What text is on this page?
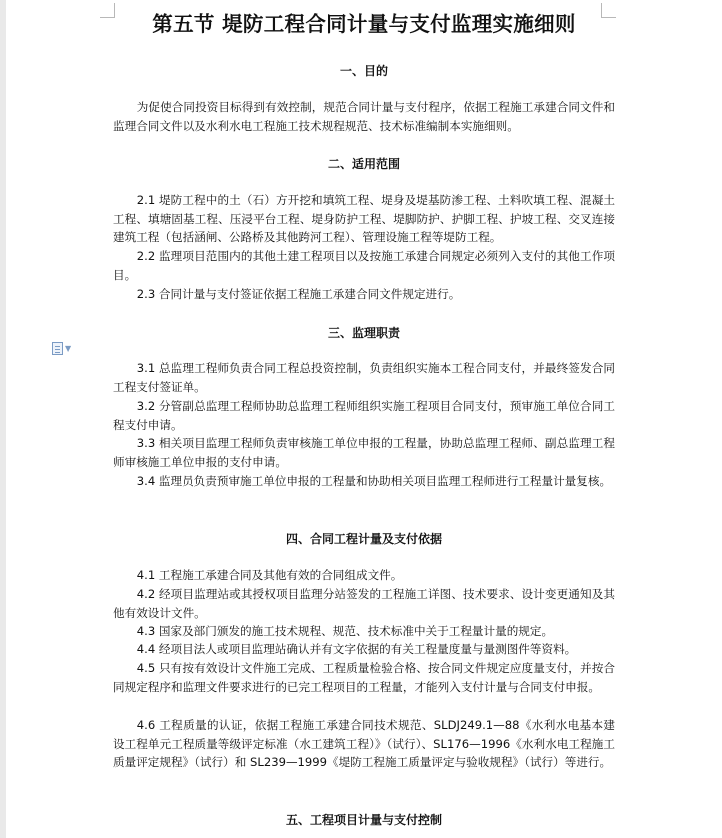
▼
第五节 堤防工程合同计量与支付监理实施细则
一、目的

为促使合同投资目标得到有效控制，规范合同计量与支付程序，依据工程施工承建合同文件和监理合同文件以及水利水电工程施工技术规程规范、技术标准编制本实施细则。

二、适用范围

2.1 堤防工程中的土（石）方开挖和填筑工程、堤身及堤基防渗工程、土料吹填工程、混凝土工程、填塘固基工程、压浸平台工程、堤身防护工程、堤脚防护、护脚工程、护坡工程、交叉连接建筑工程（包括涵闸、公路桥及其他跨河工程）、管理设施工程等堤防工程。

2.2 监理项目范围内的其他土建工程项目以及按施工承建合同规定必须列入支付的其他工作项目。

2.3 合同计量与支付签证依据工程施工承建合同文件规定进行。

三、监理职责

3.1 总监理工程师负责合同工程总投资控制，负责组织实施本工程合同支付，并最终签发合同工程支付签证单。

3.2 分管副总监理工程师协助总监理工程师组织实施工程项目合同支付，预审施工单位合同工程支付申请。

3.3 相关项目监理工程师负责审核施工单位申报的工程量，协助总监理工程师、副总监理工程师审核施工单位申报的支付申请。

3.4 监理员负责预审施工单位申报的工程量和协助相关项目监理工程师进行工程量计量复核。

四、合同工程计量及支付依据

4.1 工程施工承建合同及其他有效的合同组成文件。

4.2 经项目监理站或其授权项目监理分站签发的工程施工详图、技术要求、设计变更通知及其他有效设计文件。

4.3 国家及部门颁发的施工技术规程、规范、技术标准中关于工程量计量的规定。

4.4 经项目法人或项目监理站确认并有文字依据的有关工程量度量与量测图件等资料。

4.5 只有按有效设计文件施工完成、工程质量检验合格、按合同文件规定应度量支付，并按合同规定程序和监理文件要求进行的已完工程项目的工程量，才能列入支付计量与合同支付申报。

4.6 工程质量的认证，依据工程施工承建合同技术规范、SLDJ249.1—88《水利水电基本建设工程单元工程质量等级评定标准（水工建筑工程）》（试行）、SL176—1996《水利水电工程施工质量评定规程》（试行）和 SL239—1999《堤防工程施工质量评定与验收规程》（试行）等进行。

五、工程项目计量与支付控制
